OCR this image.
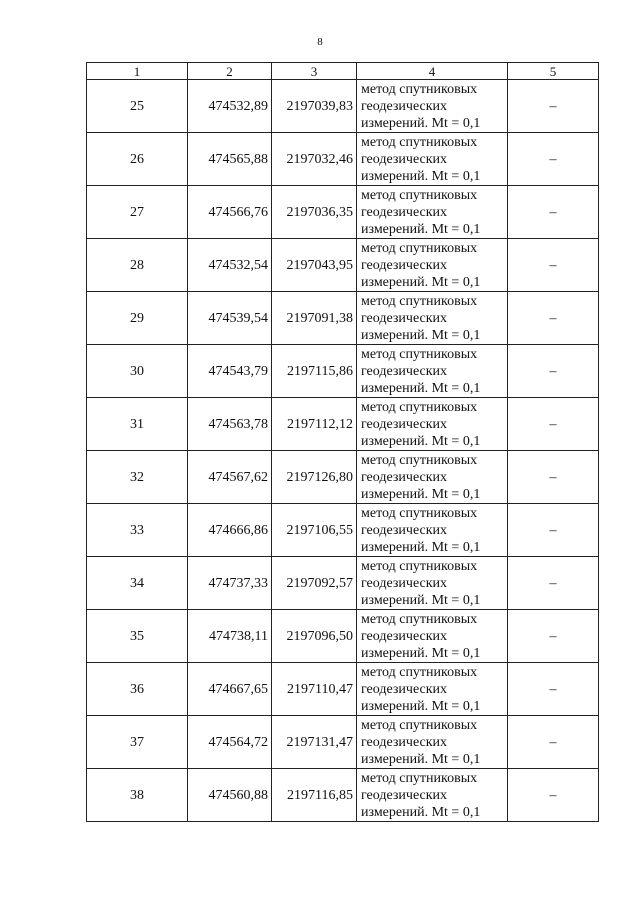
8
1	2	3	4	5
25	474532,89	2197039,83	метод спутниковых геодезических измерений. Mt = 0,1	–
26	474565,88	2197032,46	метод спутниковых геодезических измерений. Mt = 0,1	–
27	474566,76	2197036,35	метод спутниковых геодезических измерений. Mt = 0,1	–
28	474532,54	2197043,95	метод спутниковых геодезических измерений. Mt = 0,1	–
29	474539,54	2197091,38	метод спутниковых геодезических измерений. Mt = 0,1	–
30	474543,79	2197115,86	метод спутниковых геодезических измерений. Mt = 0,1	–
31	474563,78	2197112,12	метод спутниковых геодезических измерений. Mt = 0,1	–
32	474567,62	2197126,80	метод спутниковых геодезических измерений. Mt = 0,1	–
33	474666,86	2197106,55	метод спутниковых геодезических измерений. Mt = 0,1	–
34	474737,33	2197092,57	метод спутниковых геодезических измерений. Mt = 0,1	–
35	474738,11	2197096,50	метод спутниковых геодезических измерений. Mt = 0,1	–
36	474667,65	2197110,47	метод спутниковых геодезических измерений. Mt = 0,1	–
37	474564,72	2197131,47	метод спутниковых геодезических измерений. Mt = 0,1	–
38	474560,88	2197116,85	метод спутниковых геодезических измерений. Mt = 0,1	–
